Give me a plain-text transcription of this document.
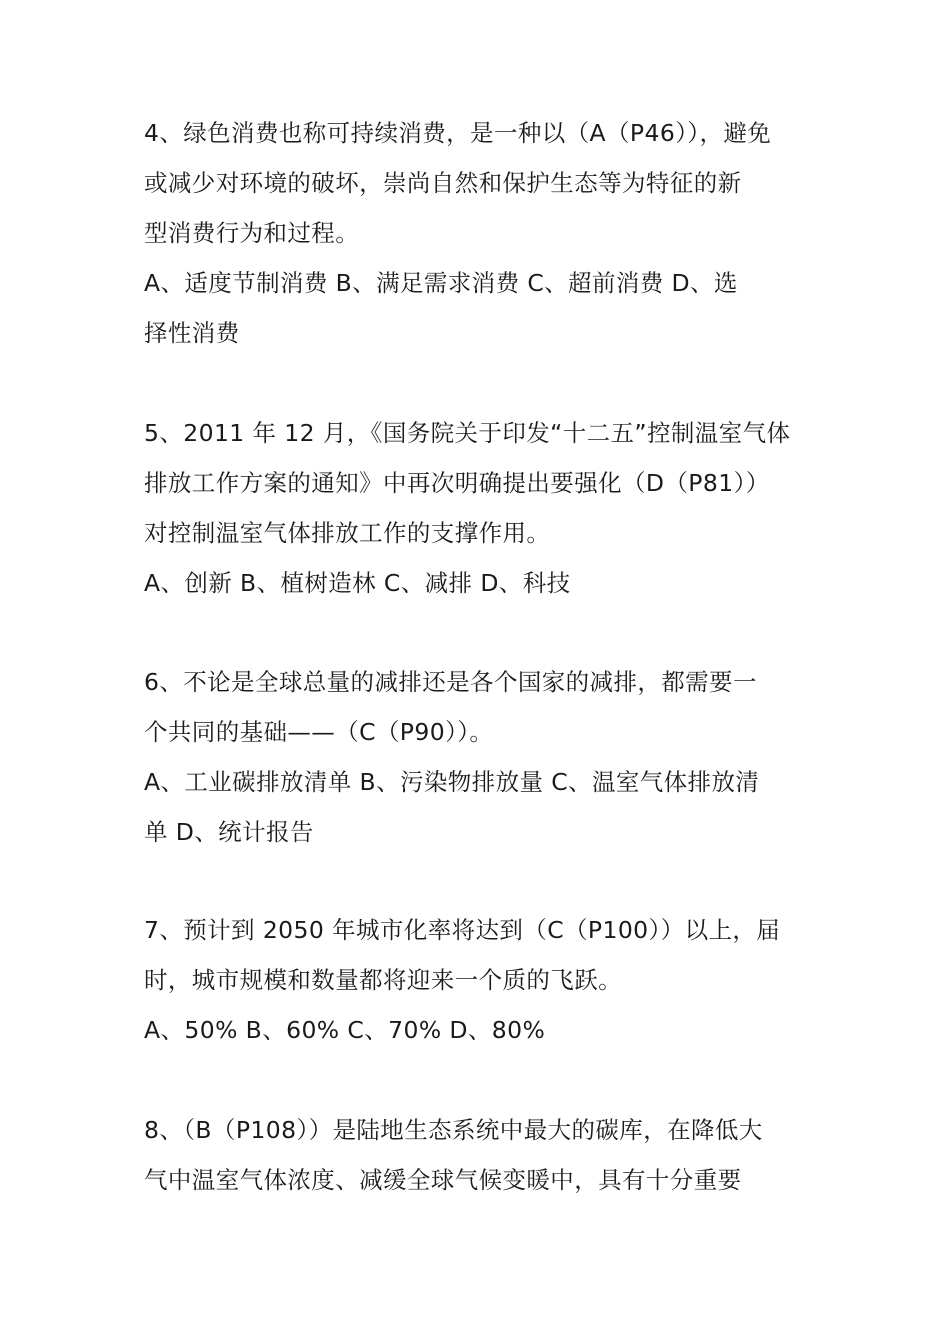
4、绿色消费也称可持续消费，是一种以（A（P46）），避免
或减少对环境的破坏，崇尚自然和保护生态等为特征的新
型消费行为和过程。
A、适度节制消费 B、满足需求消费 C、超前消费 D、选
择性消费
5、2011 年 12 月，《国务院关于印发“十二五”控制温室气体
排放工作方案的通知》中再次明确提出要强化（D（P81））
对控制温室气体排放工作的支撑作用。
A、创新 B、植树造林 C、减排 D、科技
6、不论是全球总量的减排还是各个国家的减排，都需要一
个共同的基础——（C（P90））。
A、工业碳排放清单 B、污染物排放量 C、温室气体排放清
单 D、统计报告
7、预计到 2050 年城市化率将达到（C（P100））以上，届
时，城市规模和数量都将迎来一个质的飞跃。
A、50% B、60% C、70% D、80%
8、（B（P108））是陆地生态系统中最大的碳库，在降低大
气中温室气体浓度、减缓全球气候变暖中，具有十分重要
